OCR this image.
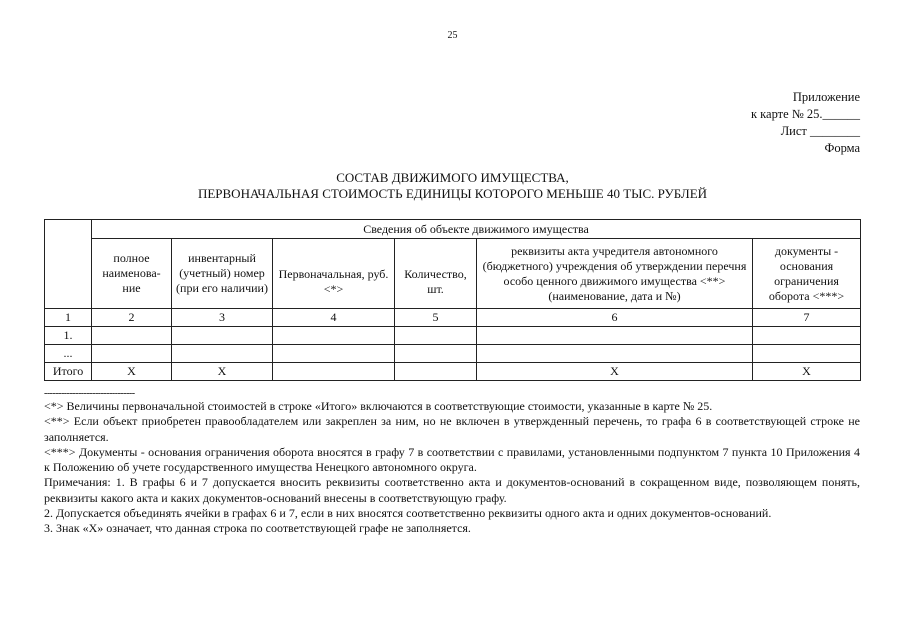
25
Приложение
к карте № 25.______
Лист ________
Форма
СОСТАВ ДВИЖИМОГО ИМУЩЕСТВА,
ПЕРВОНАЧАЛЬНАЯ СТОИМОСТЬ ЕДИНИЦЫ КОТОРОГО МЕНЬШЕ 40 ТЫС. РУБЛЕЙ
	Сведения об объекте движимого имущества					
	полное наименова-ние	инвентарный (учетный) номер (при его наличии)	Первоначальная, руб. <*>	Количество, шт.	реквизиты акта учредителя автономного (бюджетного) учреждения об утверждении перечня особо ценного движимого имущества <**> (наименование, дата и №)	документы - основания ограничения оборота <***>
1	2	3	4	5	6	7
1.						
...						
Итого	X	X			X	X
--------------------------------

<*> Величины первоначальной стоимостей в строке «Итого» включаются в соответствующие стоимости, указанные в карте № 25.

<**> Если объект приобретен правообладателем или закреплен за ним, но не включен в утвержденный перечень, то графа 6 в соответствующей строке не заполняется.

<***> Документы - основания ограничения оборота вносятся в графу 7 в соответствии с правилами, установленными подпунктом 7 пункта 10 Приложения 4 к Положению об учете государственного имущества Ненецкого автономного округа.

Примечания: 1. В графы 6 и 7 допускается вносить реквизиты соответственно акта и документов-оснований в сокращенном виде, позволяющем понять, реквизиты какого акта и каких документов-оснований внесены в соответствующую графу.

2. Допускается объединять ячейки в графах 6 и 7, если в них вносятся соответственно реквизиты одного акта и одних документов-оснований.

3. Знак «X» означает, что данная строка по соответствующей графе не заполняется.
